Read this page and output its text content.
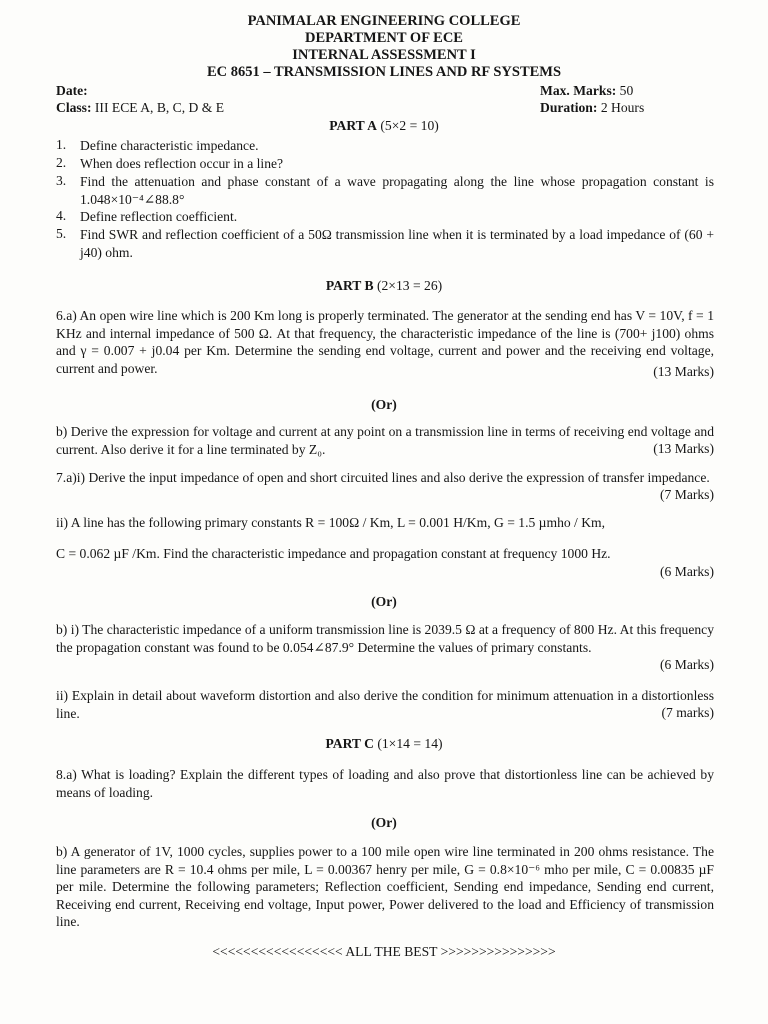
PANIMALAR ENGINEERING COLLEGE
DEPARTMENT OF ECE
INTERNAL ASSESSMENT I
EC 8651 – TRANSMISSION LINES AND RF SYSTEMS
Date:
Class: III ECE A, B, C, D & E
Max. Marks: 50
Duration: 2 Hours
PART A (5×2 = 10)
1. Define characteristic impedance.
2. When does reflection occur in a line?
3. Find the attenuation and phase constant of a wave propagating along the line whose propagation constant is 1.048×10⁻⁴∠88.8°
4. Define reflection coefficient.
5. Find SWR and reflection coefficient of a 50Ω transmission line when it is terminated by a load impedance of (60 + j40) ohm.
PART B (2×13 = 26)
6.a) An open wire line which is 200 Km long is properly terminated. The generator at the sending end has V = 10V, f = 1 KHz and internal impedance of 500 Ω. At that frequency, the characteristic impedance of the line is (700+ j100) ohms and γ = 0.007 + j0.04 per Km. Determine the sending end voltage, current and power and the receiving end voltage, current and power.	(13 Marks)
(Or)
b) Derive the expression for voltage and current at any point on a transmission line in terms of receiving end voltage and current. Also derive it for a line terminated by Z₀.	(13 Marks)
7.a)i) Derive the input impedance of open and short circuited lines and also derive the expression of transfer impedance.
(7 Marks)
ii) A line has the following primary constants R = 100Ω / Km, L = 0.001 H/Km, G = 1.5 µmho / Km,
C = 0.062 µF /Km. Find the characteristic impedance and propagation constant at frequency 1000 Hz.
(6 Marks)
(Or)
b) i) The characteristic impedance of a uniform transmission line is 2039.5 Ω at a frequency of 800 Hz. At this frequency the propagation constant was found to be 0.054∠87.9° Determine the values of primary constants.
(6 Marks)
ii) Explain in detail about waveform distortion and also derive the condition for minimum attenuation in a distortionless line.	(7 marks)
PART C (1×14 = 14)
8.a) What is loading? Explain the different types of loading and also prove that distortionless line can be achieved by means of loading.
(Or)
b) A generator of 1V, 1000 cycles, supplies power to a 100 mile open wire line terminated in 200 ohms resistance. The line parameters are R = 10.4 ohms per mile, L = 0.00367 henry per mile, G = 0.8×10⁻⁶ mho per mile, C = 0.00835 µF per mile. Determine the following parameters; Reflection coefficient, Sending end impedance, Sending end current, Receiving end current, Receiving end voltage, Input power, Power delivered to the load and Efficiency of transmission line.
<<<<<<<<<<<<<<<<< ALL THE BEST >>>>>>>>>>>>>>>
